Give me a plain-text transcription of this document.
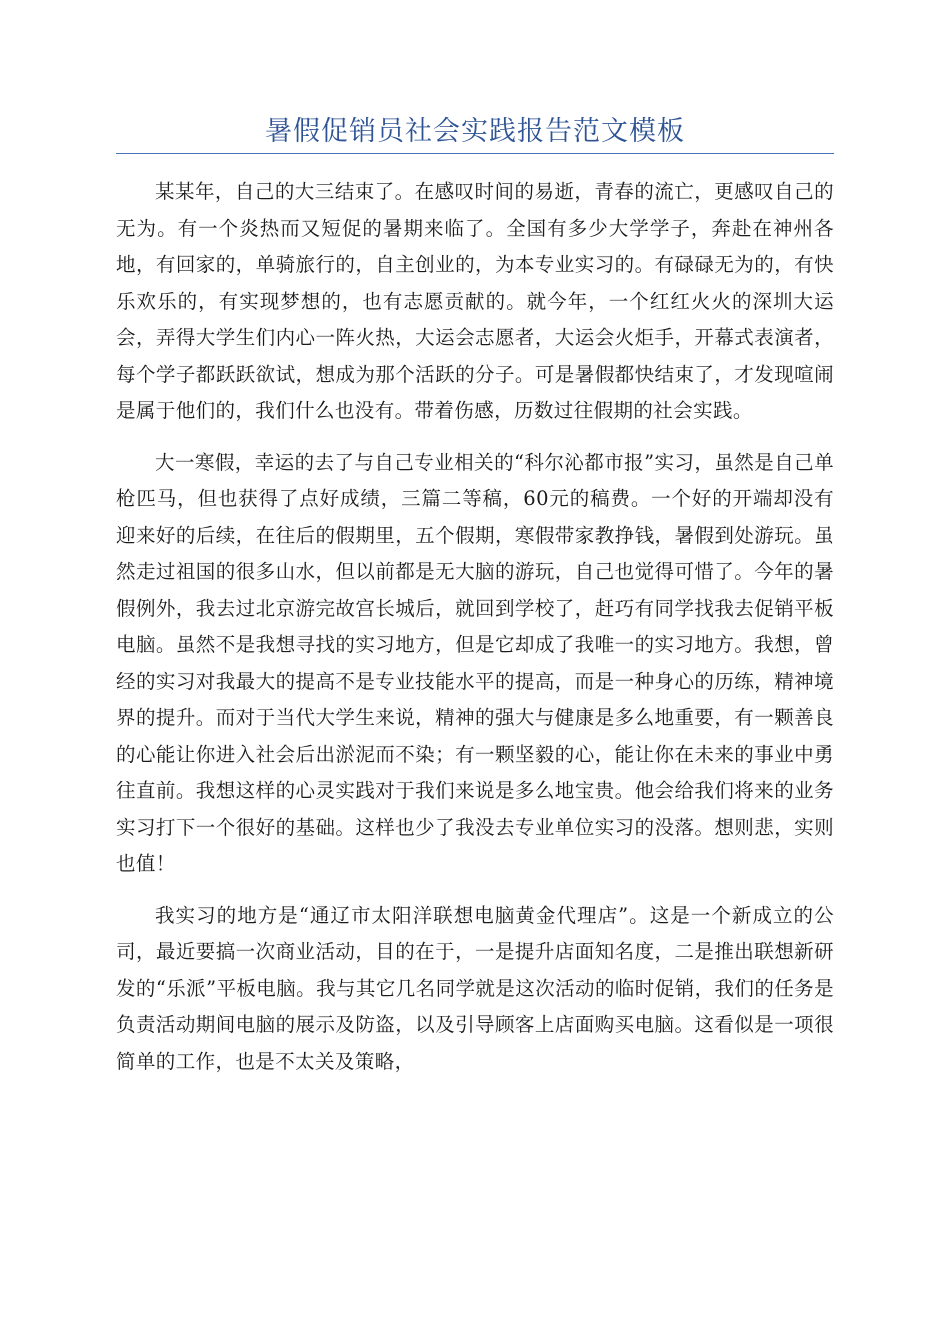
暑假促销员社会实践报告范文模板

某某年，自己的大三结束了。在感叹时间的易逝，青春的流亡，更感叹自己的无为。有一个炎热而又短促的暑期来临了。全国有多少大学学子，奔赴在神州各地，有回家的，单骑旅行的，自主创业的，为本专业实习的。有碌碌无为的，有快乐欢乐的，有实现梦想的，也有志愿贡献的。就今年，一个红红火火的深圳大运会，弄得大学生们内心一阵火热，大运会志愿者，大运会火炬手，开幕式表演者，每个学子都跃跃欲试，想成为那个活跃的分子。可是暑假都快结束了，才发现喧闹是属于他们的，我们什么也没有。带着伤感，历数过往假期的社会实践。

大一寒假，幸运的去了与自己专业相关的“科尔沁都市报”实习，虽然是自己单枪匹马，但也获得了点好成绩，三篇二等稿，60元的稿费。一个好的开端却没有迎来好的后续，在往后的假期里，五个假期，寒假带家教挣钱，暑假到处游玩。虽然走过祖国的很多山水，但以前都是无大脑的游玩，自己也觉得可惜了。今年的暑假例外，我去过北京游完故宫长城后，就回到学校了，赶巧有同学找我去促销平板电脑。虽然不是我想寻找的实习地方，但是它却成了我唯一的实习地方。我想，曾经的实习对我最大的提高不是专业技能水平的提高，而是一种身心的历练，精神境界的提升。而对于当代大学生来说，精神的强大与健康是多么地重要，有一颗善良的心能让你进入社会后出淤泥而不染；有一颗坚毅的心，能让你在未来的事业中勇往直前。我想这样的心灵实践对于我们来说是多么地宝贵。他会给我们将来的业务实习打下一个很好的基础。这样也少了我没去专业单位实习的没落。想则悲，实则也值！

我实习的地方是“通辽市太阳洋联想电脑黄金代理店”。这是一个新成立的公司，最近要搞一次商业活动，目的在于，一是提升店面知名度，二是推出联想新研发的“乐派”平板电脑。我与其它几名同学就是这次活动的临时促销，我们的任务是负责活动期间电脑的展示及防盗，以及引导顾客上店面购买电脑。这看似是一项很简单的工作，也是不太关及策略，
